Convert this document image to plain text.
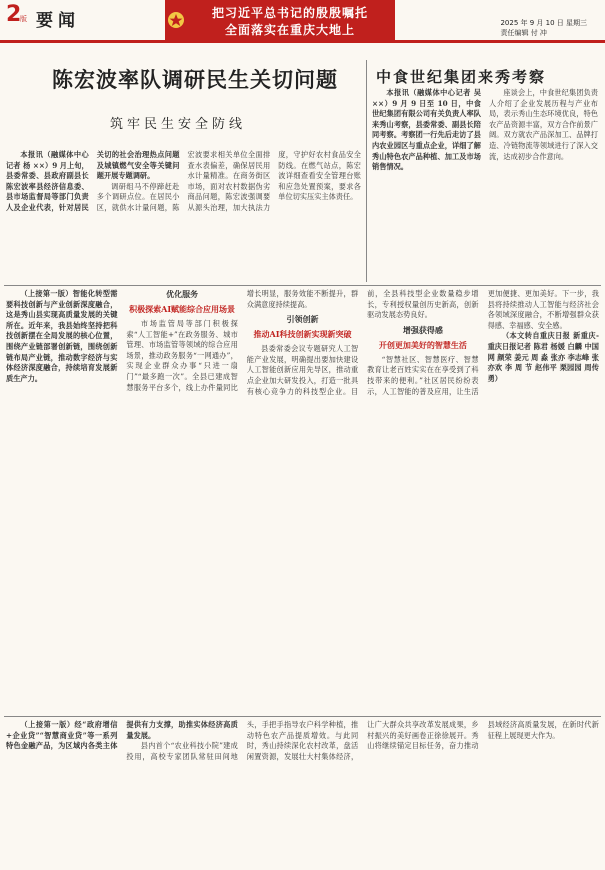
2
版 要闻	把习近平总书记的殷殷嘱托
全面落实在重庆大地上	2025 年 9 月 10 日 星期三
责任编辑 付 冲
陈宏波率队调研民生关切问题
筑牢民生安全防线

本报讯（融媒体中心记者 杨 ××）9 月上旬，县委常委、县政府副县长陈宏波率县经济信息委、县市场监督局等部门负责人及企业代表，针对居民关切的社会治理热点问题及城镇燃气安全等关键问题开展专题调研。

调研组马不停蹄赶赴多个调研点位。在居民小区，就供水计量问题，陈宏波要求相关单位全面排查水表偏差，确保居民用水计量精准。在商务街区市场，面对农村数据伪劣商品问题，陈宏波强调要从源头治理，加大执法力度，守护好农村食品安全防线。在燃气站点，陈宏波详细查看安全管理台账和应急处置预案，要求各单位切实压实主体责任。

中食世纪集团来秀考察

本报讯（融媒体中心记者 吴 ××）9 月 9 日至 10 日，中食世纪集团有限公司有关负责人率队来秀山考察，县委常委、副县长陪同考察。考察团一行先后走访了县内农业园区与重点企业，详细了解秀山特色农产品种植、加工及市场销售情况。

座谈会上，中食世纪集团负责人介绍了企业发展历程与产业布局，表示秀山生态环境优良，特色农产品资源丰富，双方合作前景广阔。双方就农产品深加工、品牌打造、冷链物流等领域进行了深入交流，达成初步合作意向。

（上接第一版）智能化转型需要科技创新与产业创新深度融合，这是秀山县实现高质量发展的关键所在。近年来，我县始终坚持把科技创新摆在全局发展的核心位置，围绕产业链部署创新链，围绕创新链布局产业链，推动数字经济与实体经济深度融合，持续培育发展新质生产力。

优化服务

积极探索AI赋能综合应用场景

市场监管局等部门积极探索“人工智能+”在政务服务、城市管理、市场监管等领域的综合应用场景，推动政务服务“一网通办”，实现企业群众办事“只进一扇门”“最多跑一次”。全县已建成智慧服务平台多个，线上办件量同比增长明显，服务效能不断提升，群众满意度持续提高。

引领创新

推动AI科技创新实现新突破

县委常委会议专题研究人工智能产业发展，明确提出要加快建设人工智能创新应用先导区，推动重点企业加大研发投入，打造一批具有核心竞争力的科技型企业。目前，全县科技型企业数量稳步增长，专利授权量创历史新高，创新驱动发展态势良好。

增强获得感

开创更加美好的智慧生活

“智慧社区、智慧医疗、智慧教育让老百姓实实在在享受到了科技带来的便利。”社区居民纷纷表示，人工智能的普及应用，让生活更加便捷、更加美好。下一步，我县将持续推动人工智能与经济社会各领域深度融合，不断增强群众获得感、幸福感、安全感。

（本文转自重庆日报 新重庆-重庆日报记者 陈君 杨媛 白麟 中国网 颜荣 姜元 周 淼 张亦 李志峰 张亦欢 李 周 节 赵伟平 栗园园 周传勇）

（上接第一版）经“政府增信+企业贷”“智慧商业贷”等一系列特色金融产品，为区域内各类主体提供有力支撑，助推实体经济高质量发展。

县内首个“农业科技小院”建成投用，高校专家团队常驻田间地头，手把手指导农户科学种植，推动特色农产品提质增效。与此同时，秀山持续深化农村改革，盘活闲置资源，发展壮大村集体经济，让广大群众共享改革发展成果，乡村振兴的美好画卷正徐徐展开。秀山将继续锚定目标任务，奋力推动县域经济高质量发展，在新时代新征程上展现更大作为。
